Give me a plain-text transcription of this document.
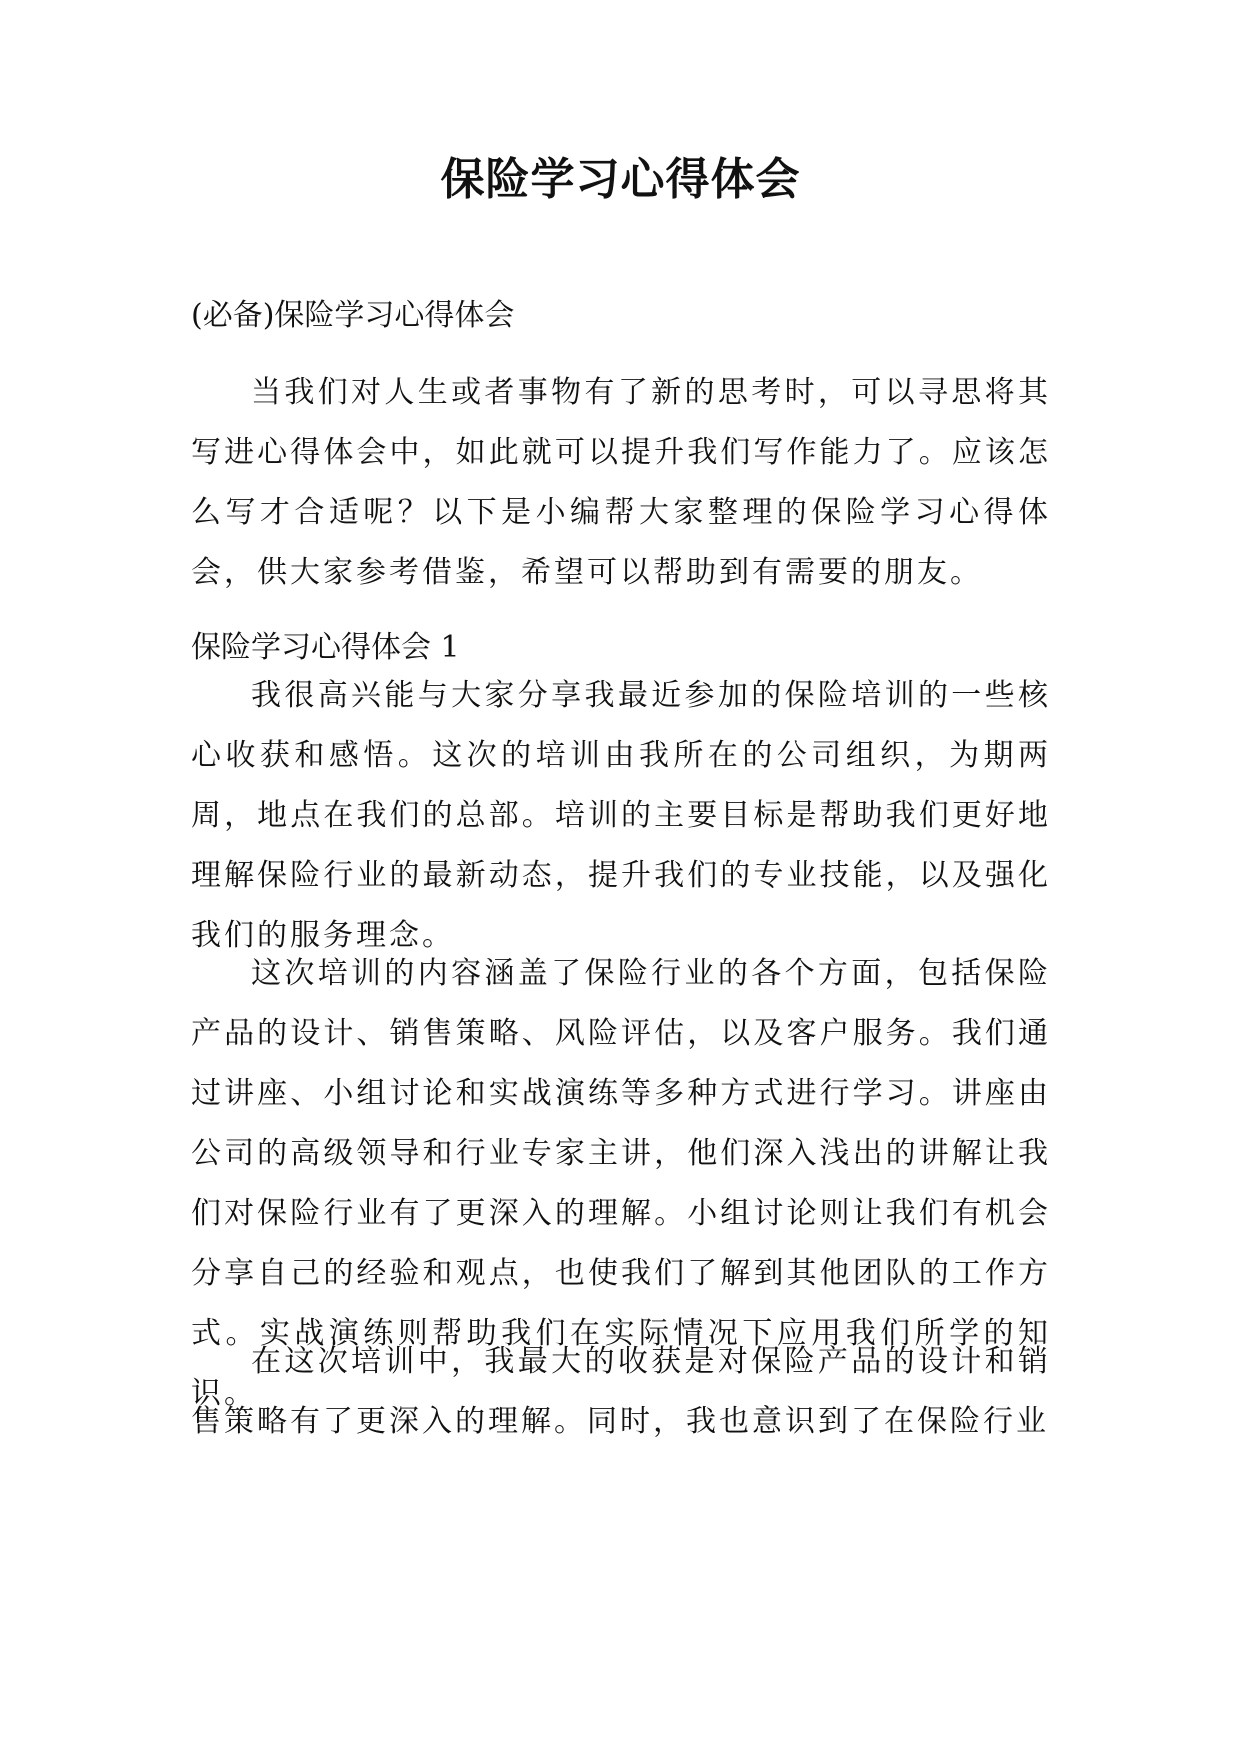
保险学习心得体会

(必备)保险学习心得体会

当我们对人生或者事物有了新的思考时，可以寻思将其写进心得体会中，如此就可以提升我们写作能力了。应该怎么写才合适呢？以下是小编帮大家整理的保险学习心得体会，供大家参考借鉴，希望可以帮助到有需要的朋友。

保险学习心得体会 1

我很高兴能与大家分享我最近参加的保险培训的一些核心收获和感悟。这次的培训由我所在的公司组织，为期两周，地点在我们的总部。培训的主要目标是帮助我们更好地理解保险行业的最新动态，提升我们的专业技能，以及强化我们的服务理念。

这次培训的内容涵盖了保险行业的各个方面，包括保险产品的设计、销售策略、风险评估，以及客户服务。我们通过讲座、小组讨论和实战演练等多种方式进行学习。讲座由公司的高级领导和行业专家主讲，他们深入浅出的讲解让我们对保险行业有了更深入的理解。小组讨论则让我们有机会分享自己的经验和观点，也使我们了解到其他团队的工作方式。实战演练则帮助我们在实际情况下应用我们所学的知识。

在这次培训中，我最大的收获是对保险产品的设计和销售策略有了更深入的理解。同时，我也意识到了在保险行业
